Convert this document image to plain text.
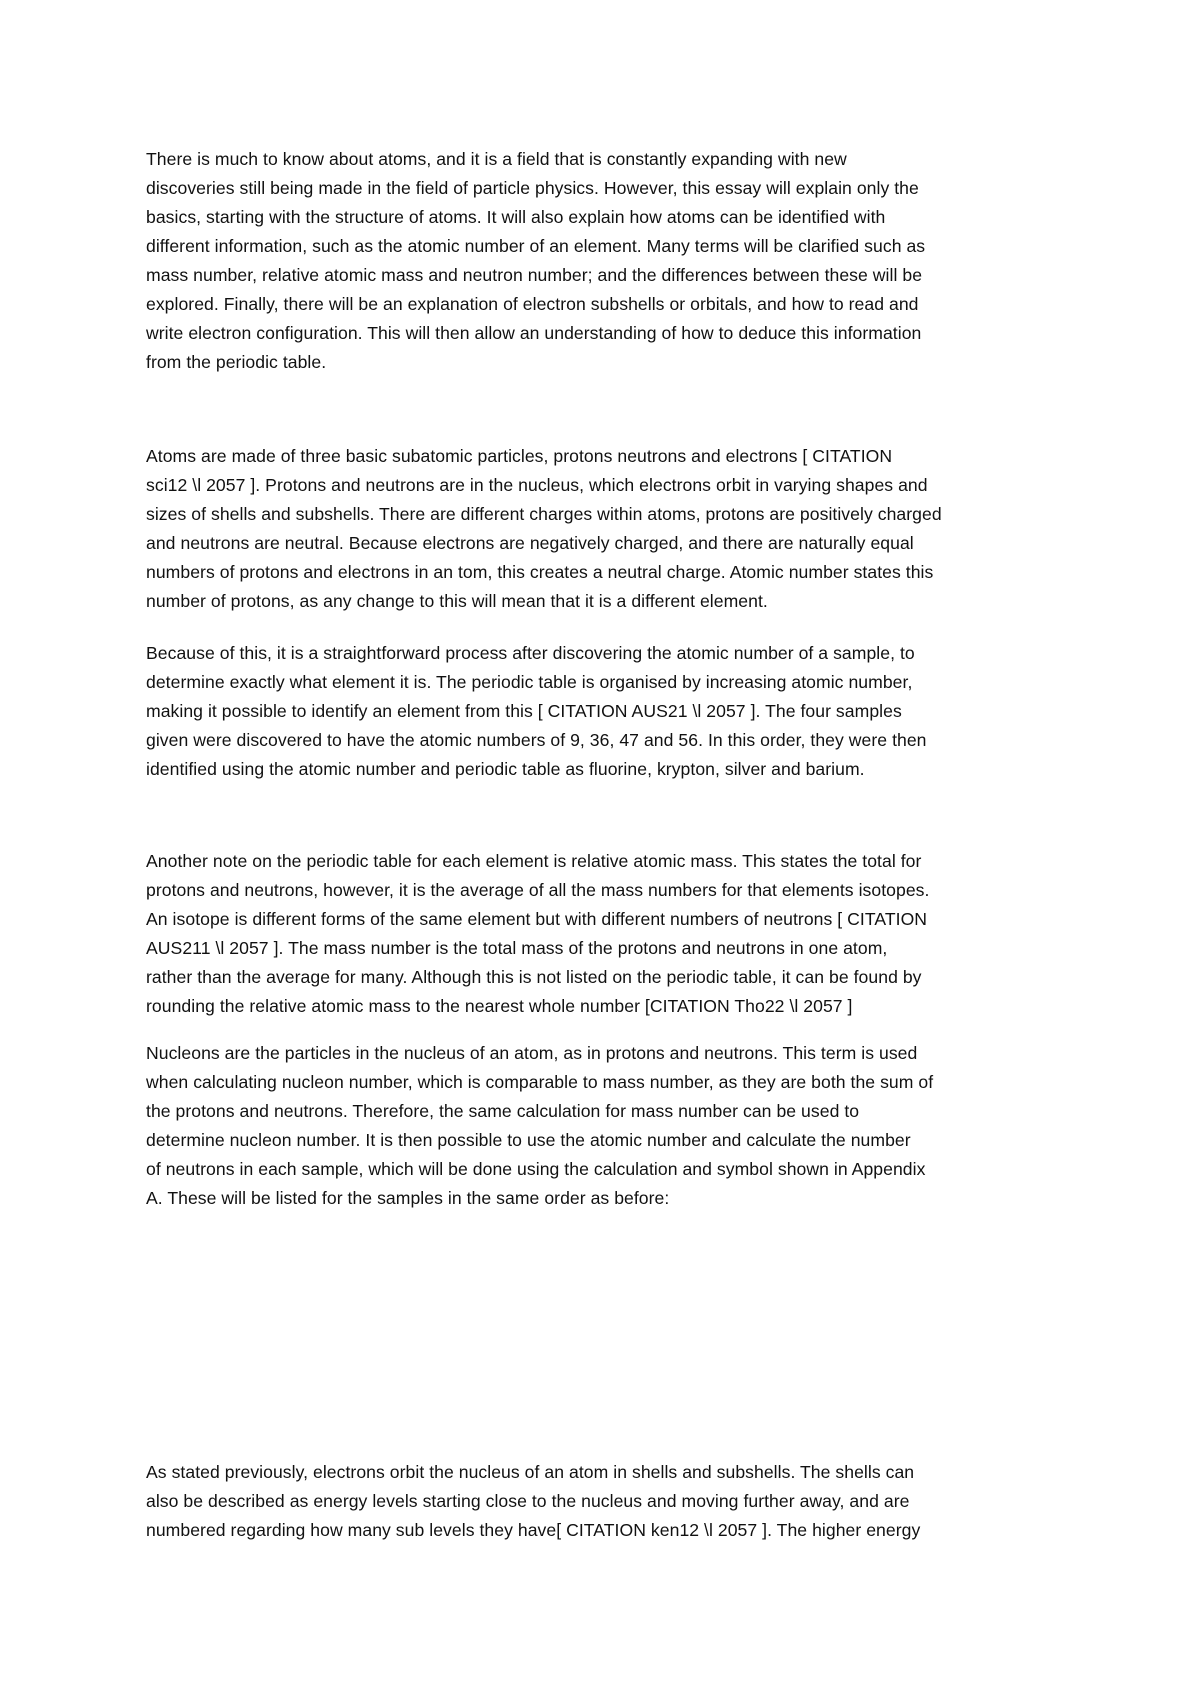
There is much to know about atoms, and it is a field that is constantly expanding with new
discoveries still being made in the field of particle physics. However, this essay will explain only the
basics, starting with the structure of atoms. It will also explain how atoms can be identified with
different information, such as the atomic number of an element. Many terms will be clarified such as
mass number, relative atomic mass and neutron number; and the differences between these will be
explored. Finally, there will be an explanation of electron subshells or orbitals, and how to read and
write electron configuration. This will then allow an understanding of how to deduce this information
from the periodic table.
Atoms are made of three basic subatomic particles, protons neutrons and electrons [ CITATION
sci12 \l 2057 ]. Protons and neutrons are in the nucleus, which electrons orbit in varying shapes and
sizes of shells and subshells. There are different charges within atoms, protons are positively charged
and neutrons are neutral. Because electrons are negatively charged, and there are naturally equal
numbers of protons and electrons in an tom, this creates a neutral charge. Atomic number states this
number of protons, as any change to this will mean that it is a different element.
Because of this, it is a straightforward process after discovering the atomic number of a sample, to
determine exactly what element it is. The periodic table is organised by increasing atomic number,
making it possible to identify an element from this [ CITATION AUS21 \l 2057 ]. The four samples
given were discovered to have the atomic numbers of 9, 36, 47 and 56. In this order, they were then
identified using the atomic number and periodic table as fluorine, krypton, silver and barium.
Another note on the periodic table for each element is relative atomic mass. This states the total for
protons and neutrons, however, it is the average of all the mass numbers for that elements isotopes.
An isotope is different forms of the same element but with different numbers of neutrons [ CITATION
AUS211 \l 2057 ]. The mass number is the total mass of the protons and neutrons in one atom,
rather than the average for many. Although this is not listed on the periodic table, it can be found by
rounding the relative atomic mass to the nearest whole number [CITATION Tho22 \l 2057 ]
Nucleons are the particles in the nucleus of an atom, as in protons and neutrons. This term is used
when calculating nucleon number, which is comparable to mass number, as they are both the sum of
the protons and neutrons. Therefore, the same calculation for mass number can be used to
determine nucleon number. It is then possible to use the atomic number and calculate the number
of neutrons in each sample, which will be done using the calculation and symbol shown in Appendix
A. These will be listed for the samples in the same order as before:
As stated previously, electrons orbit the nucleus of an atom in shells and subshells. The shells can
also be described as energy levels starting close to the nucleus and moving further away, and are
numbered regarding how many sub levels they have[ CITATION ken12 \l 2057 ]. The higher energy
